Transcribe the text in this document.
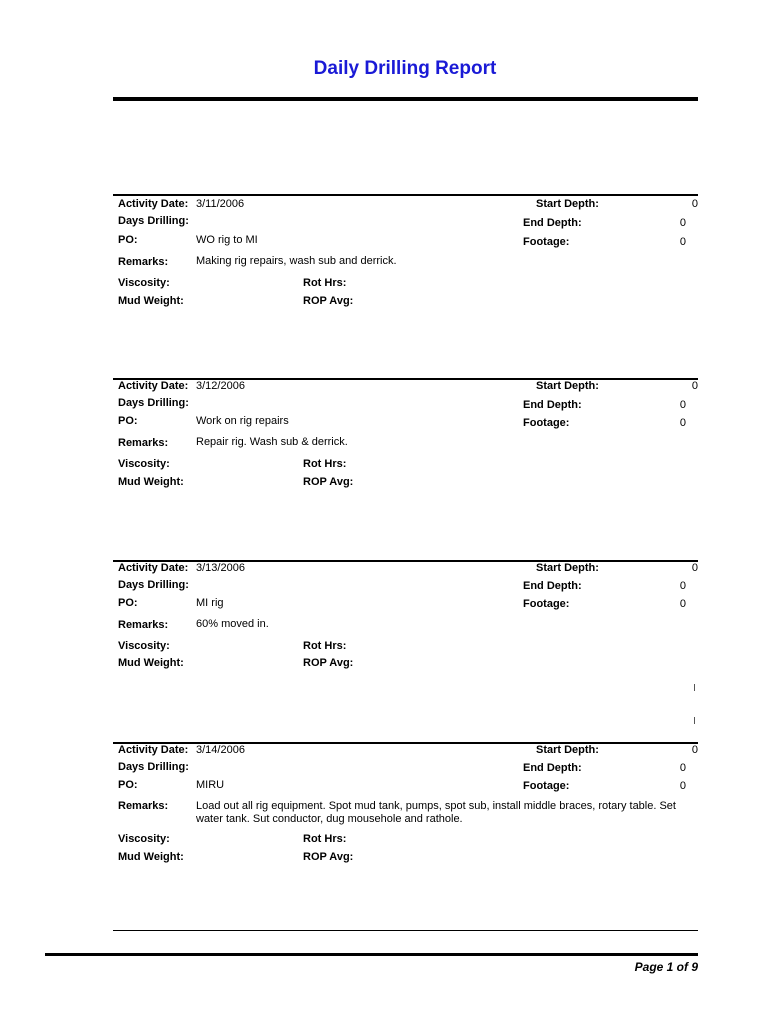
Daily Drilling Report
Activity Date: 3/11/2006
Days Drilling:
PO:	WO rig to MI
Remarks:	Making rig repairs, wash sub and derrick.
Viscosity:
Mud Weight:
Rot Hrs:
ROP Avg:
Start Depth:	0
End Depth:	0
Footage:	0
Activity Date: 3/12/2006
Days Drilling:
PO:	Work on rig repairs
Remarks:	Repair rig. Wash sub & derrick.
Viscosity:
Mud Weight:
Rot Hrs:
ROP Avg:
Start Depth:	0
End Depth:	0
Footage:	0
Activity Date: 3/13/2006
Days Drilling:
PO:	MI rig
Remarks:	60% moved in.
Viscosity:
Mud Weight:
Rot Hrs:
ROP Avg:
Start Depth:	0
End Depth:	0
Footage:	0
Activity Date: 3/14/2006
Days Drilling:
PO:	MIRU
Remarks:	Load out all rig equipment. Spot mud tank, pumps, spot sub, install middle braces, rotary table. Set water tank. Sut conductor, dug mousehole and rathole.
Viscosity:
Mud Weight:
Rot Hrs:
ROP Avg:
Start Depth:	0
End Depth:	0
Footage:	0
Page 1 of 9
